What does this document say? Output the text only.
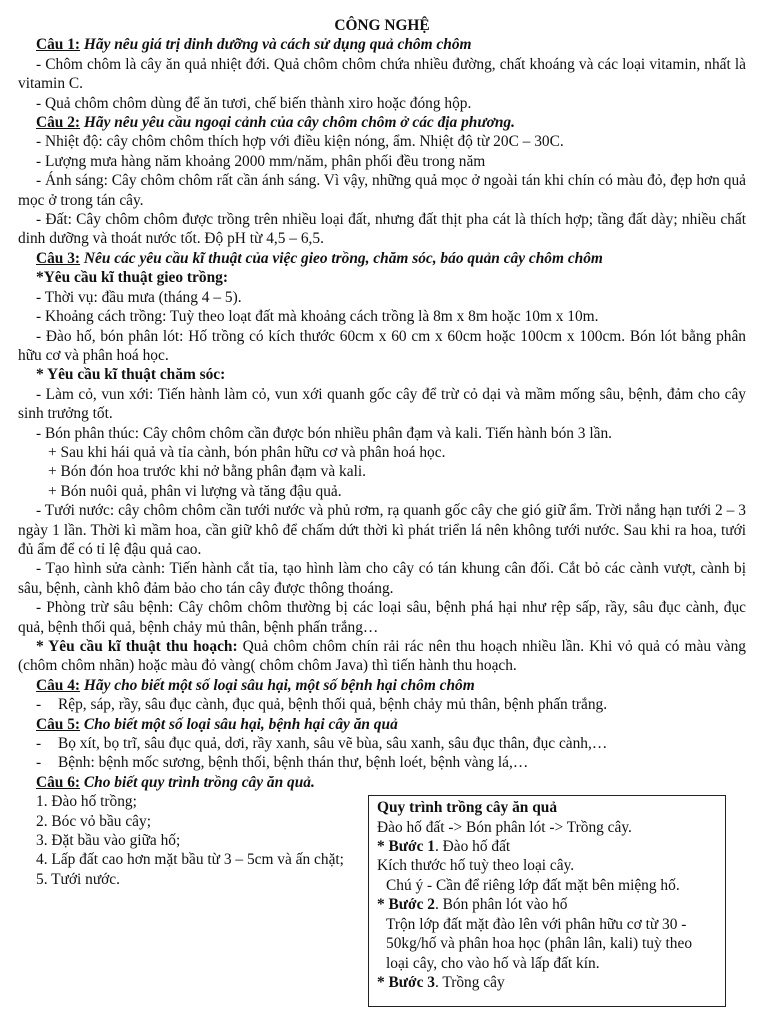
CÔNG NGHỆ

Câu 1: Hãy nêu giá trị dinh dưỡng và cách sử dụng quả chôm chôm

- Chôm chôm là cây ăn quả nhiệt đới. Quả chôm chôm chứa nhiều đường, chất khoáng và các loại vitamin, nhất là vitamin C.

- Quả chôm chôm dùng để ăn tươi, chế biến thành xiro hoặc đóng hộp.

Câu 2: Hãy nêu yêu cầu ngoại cảnh của cây chôm chôm ở các địa phương.

- Nhiệt độ: cây chôm chôm thích hợp với điều kiện nóng, ẩm. Nhiệt độ từ 20C – 30C.

- Lượng mưa hàng năm khoảng 2000 mm/năm, phân phối đều trong năm

- Ánh sáng: Cây chôm chôm rất cần ánh sáng. Vì vậy, những quả mọc ở ngoài tán khi chín có màu đỏ, đẹp hơn quả mọc ở trong tán cây.

- Đất: Cây chôm chôm được trồng trên nhiều loại đất, nhưng đất thịt pha cát là thích hợp; tầng đất dày; nhiều chất dinh dưỡng và thoát nước tốt. Độ pH từ 4,5 – 6,5.

Câu 3: Nêu các yêu cầu kĩ thuật của việc gieo trồng, chăm sóc, báo quản cây chôm chôm

*Yêu cầu kĩ thuật gieo trồng:

- Thời vụ: đầu mưa (tháng 4 – 5).

- Khoảng cách trồng: Tuỳ theo loạt đất mà khoảng cách trồng là 8m x 8m hoặc 10m x 10m.

- Đào hố, bón phân lót: Hố trồng có kích thước 60cm x 60 cm x 60cm hoặc 100cm x 100cm. Bón lót bằng phân hữu cơ và phân hoá học.

* Yêu cầu kĩ thuật chăm sóc:

- Làm cỏ, vun xới: Tiến hành làm cỏ, vun xới quanh gốc cây để trừ cỏ dại và mầm mống sâu, bệnh, đảm cho cây sinh trưởng tốt.

- Bón phân thúc: Cây chôm chôm cần được bón nhiều phân đạm và kali. Tiến hành bón 3 lần.

+ Sau khi hái quả và tỉa cành, bón phân hữu cơ và phân hoá học.

+ Bón đón hoa trước khi nở bằng phân đạm và kali.

+ Bón nuôi quả, phân vi lượng và tăng đậu quả.

- Tưới nước: cây chôm chôm cần tưới nước và phủ rơm, rạ quanh gốc cây che gió giữ ẩm. Trời nắng hạn tưới 2 – 3 ngày 1 lần. Thời kì mầm hoa, cần giữ khô để chấm dứt thời kì phát triển lá nên không tưới nước. Sau khi ra hoa, tưới đủ ẩm để có tỉ lệ đậu quả cao.

- Tạo hình sửa cành: Tiến hành cắt tỉa, tạo hình làm cho cây có tán khung cân đối. Cắt bỏ các cành vượt, cành bị sâu, bệnh, cành khô đảm bảo cho tán cây được thông thoáng.

- Phòng trừ sâu bệnh: Cây chôm chôm thường bị các loại sâu, bệnh phá hại như rệp sấp, rầy, sâu đục cành, đục quả, bệnh thối quả, bệnh chảy mủ thân, bệnh phấn trắng…

* Yêu cầu kĩ thuật thu hoạch: Quả chôm chôm chín rải rác nên thu hoạch nhiều lần. Khi vỏ quả có màu vàng (chôm chôm nhãn) hoặc màu đỏ vàng( chôm chôm Java) thì tiến hành thu hoạch.

Câu 4: Hãy cho biết một số loại sâu hại, một số bệnh hại chôm chôm

- Rệp, sáp, rầy, sâu đục cành, đục quả, bệnh thối quả, bệnh chảy mủ thân, bệnh phấn trắng.

Câu 5: Cho biết một số loại sâu hại, bệnh hại cây ăn quả

- Bọ xít, bọ trĩ, sâu đục quả, dơi, rầy xanh, sâu vẽ bùa, sâu xanh, sâu đục thân, đục cành,…

- Bệnh: bệnh mốc sương, bệnh thối, bệnh thán thư, bệnh loét, bệnh vàng lá,…

Câu 6: Cho biết quy trình trồng cây ăn quả.

1. Đào hố trồng;

2. Bóc vỏ bầu cây;

3. Đặt bầu vào giữa hố;

4. Lấp đất cao hơn mặt bầu từ 3 – 5cm và ấn chặt;

5. Tưới nước.

Quy trình trồng cây ăn quả

Đào hố đất -> Bón phân lót -> Trồng cây.

* Bước 1. Đào hố đất

Kích thước hố tuỳ theo loại cây.

Chú ý - Cần để riêng lớp đất mặt bên miệng hố.

* Bước 2. Bón phân lót vào hố

Trộn lớp đất mặt đào lên với phân hữu cơ từ 30 -

50kg/hố và phân hoa học (phân lân, kali) tuỳ theo

loại cây, cho vào hố và lấp đất kín.

* Bước 3. Trồng cây
